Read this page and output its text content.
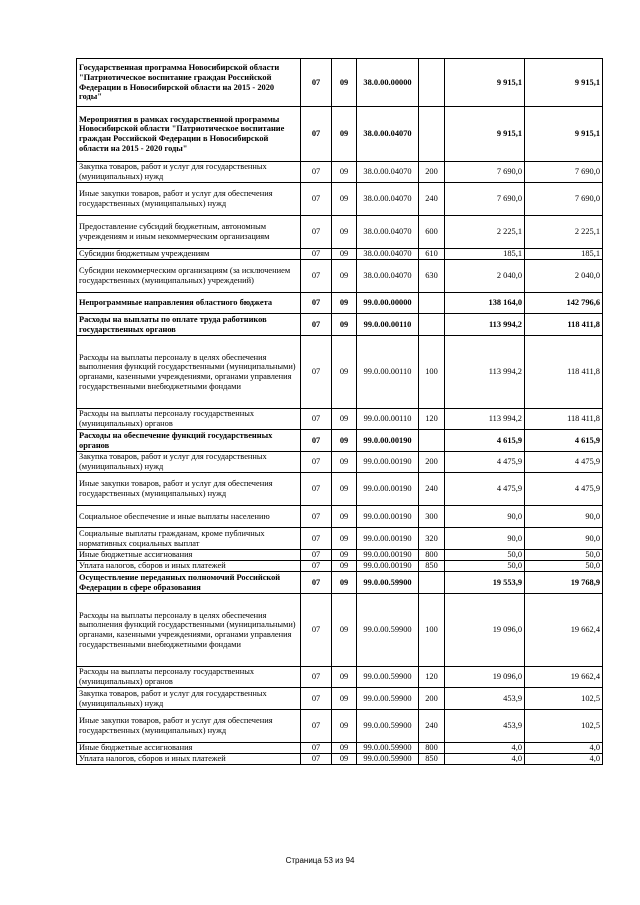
Государственная программа Новосибирской области "Патриотическое воспитание граждан Российской Федерации в Новосибирской области на 2015 - 2020 годы"	07	09	38.0.00.00000		9 915,1	9 915,1
Мероприятия в рамках государственной программы Новосибирской области "Патриотическое воспитание граждан Российской Федерации в Новосибирской области на 2015 - 2020 годы"	07	09	38.0.00.04070		9 915,1	9 915,1
Закупка товаров, работ и услуг для государственных (муниципальных) нужд	07	09	38.0.00.04070	200	7 690,0	7 690,0
Иные закупки товаров, работ и услуг для обеспечения государственных (муниципальных) нужд	07	09	38.0.00.04070	240	7 690,0	7 690,0
Предоставление субсидий бюджетным, автономным учреждениям и иным некоммерческим организациям	07	09	38.0.00.04070	600	2 225,1	2 225,1
Субсидии бюджетным учреждениям	07	09	38.0.00.04070	610	185,1	185,1
Субсидии некоммерческим организациям (за исключением государственных (муниципальных) учреждений)	07	09	38.0.00.04070	630	2 040,0	2 040,0
Непрограммные направления областного бюджета	07	09	99.0.00.00000		138 164,0	142 796,6
Расходы на выплаты по оплате труда работников государственных органов	07	09	99.0.00.00110		113 994,2	118 411,8
Расходы на выплаты персоналу в целях обеспечения выполнения функций государственными (муниципальными) органами, казенными учреждениями, органами управления государственными внебюджетными фондами	07	09	99.0.00.00110	100	113 994,2	118 411,8
Расходы на выплаты персоналу государственных (муниципальных) органов	07	09	99.0.00.00110	120	113 994,2	118 411,8
Расходы на обеспечение функций государственных органов	07	09	99.0.00.00190		4 615,9	4 615,9
Закупка товаров, работ и услуг для государственных (муниципальных) нужд	07	09	99.0.00.00190	200	4 475,9	4 475,9
Иные закупки товаров, работ и услуг для обеспечения государственных (муниципальных) нужд	07	09	99.0.00.00190	240	4 475,9	4 475,9
Социальное обеспечение и иные выплаты населению	07	09	99.0.00.00190	300	90,0	90,0
Социальные выплаты гражданам, кроме публичных нормативных социальных выплат	07	09	99.0.00.00190	320	90,0	90,0
Иные бюджетные ассигнования	07	09	99.0.00.00190	800	50,0	50,0
Уплата налогов, сборов и иных платежей	07	09	99.0.00.00190	850	50,0	50,0
Осуществление переданных полномочий Российской Федерации в сфере образования	07	09	99.0.00.59900		19 553,9	19 768,9
Расходы на выплаты персоналу в целях обеспечения выполнения функций государственными (муниципальными) органами, казенными учреждениями, органами управления государственными внебюджетными фондами	07	09	99.0.00.59900	100	19 096,0	19 662,4
Расходы на выплаты персоналу государственных (муниципальных) органов	07	09	99.0.00.59900	120	19 096,0	19 662,4
Закупка товаров, работ и услуг для государственных (муниципальных) нужд	07	09	99.0.00.59900	200	453,9	102,5
Иные закупки товаров, работ и услуг для обеспечения государственных (муниципальных) нужд	07	09	99.0.00.59900	240	453,9	102,5
Иные бюджетные ассигнования	07	09	99.0.00.59900	800	4,0	4,0
Уплата налогов, сборов и иных платежей	07	09	99.0.00.59900	850	4,0	4,0
Страница 53 из 94
